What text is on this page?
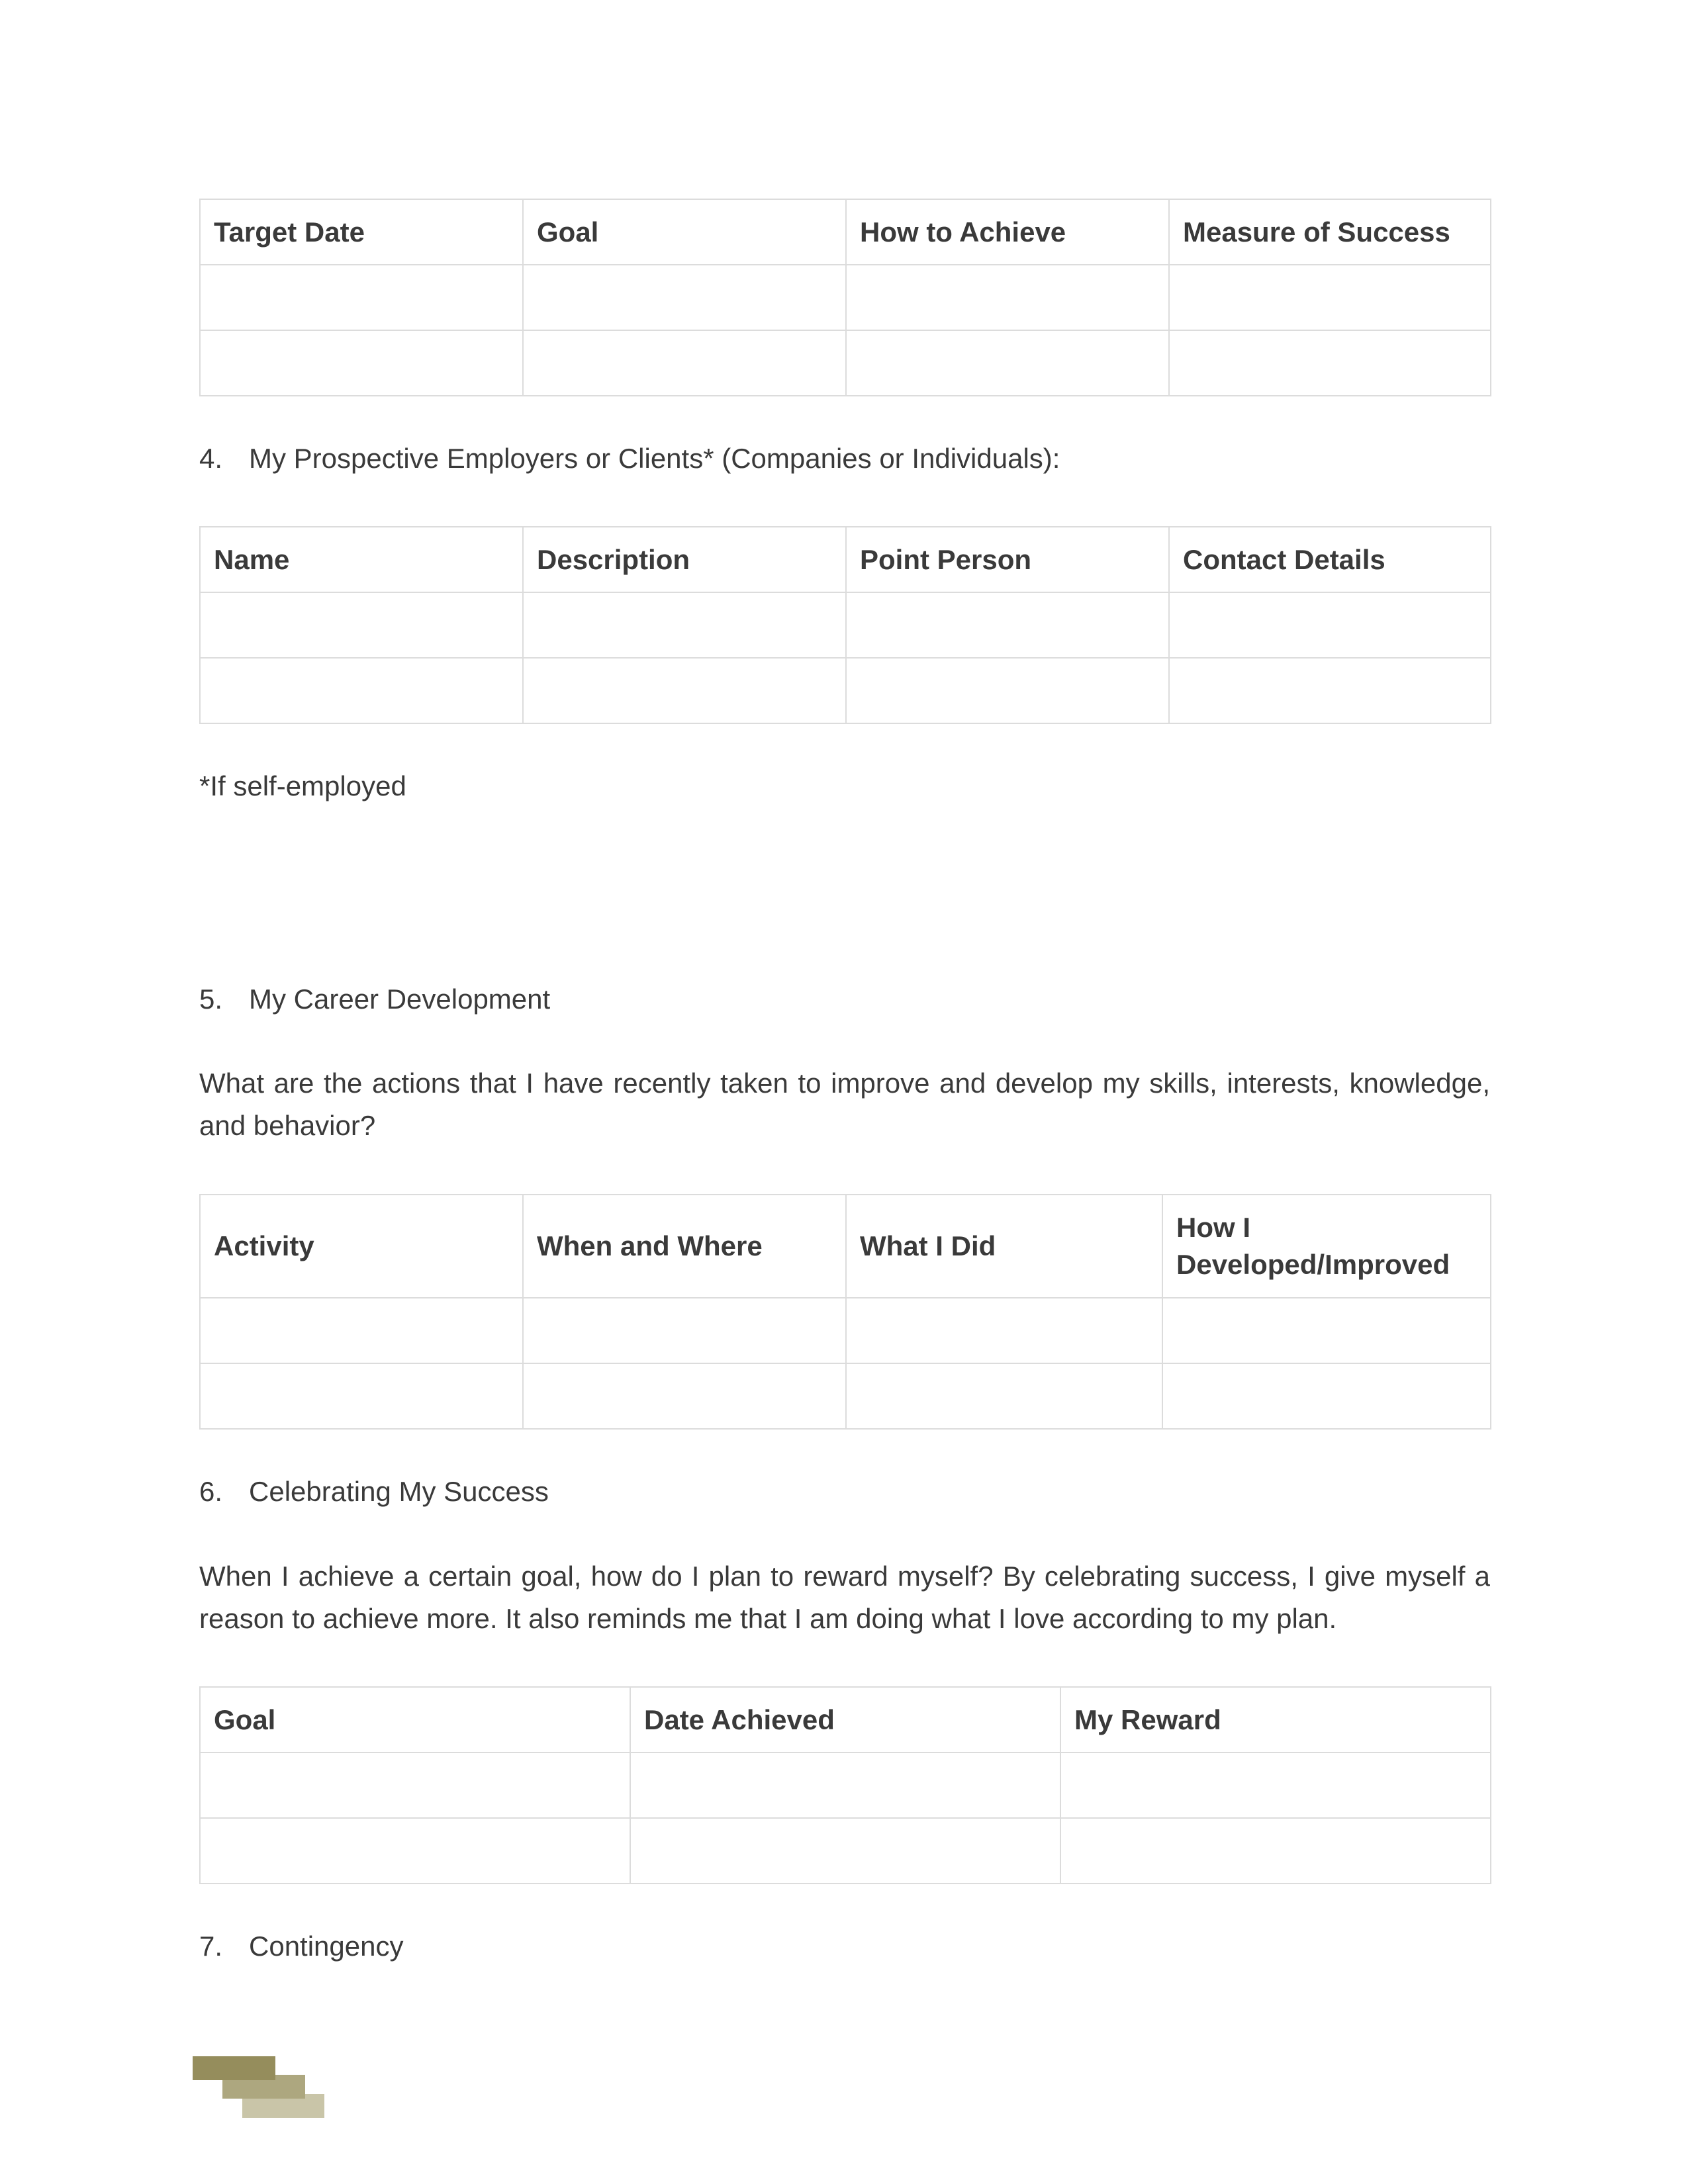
Target Date	Goal	How to Achieve	Measure of Success

4. My Prospective Employers or Clients* (Companies or Individuals):
Name	Description	Point Person	Contact Details

*If self-employed
5. My Career Development
What are the actions that I have recently taken to improve and develop my skills, interests, knowledge, and behavior?
Activity	When and Where	What I Did	How I Developed/Improved

6. Celebrating My Success
When I achieve a certain goal, how do I plan to reward myself? By celebrating success, I give myself a reason to achieve more. It also reminds me that I am doing what I love according to my plan.
Goal	Date Achieved	My Reward

7. Contingency
